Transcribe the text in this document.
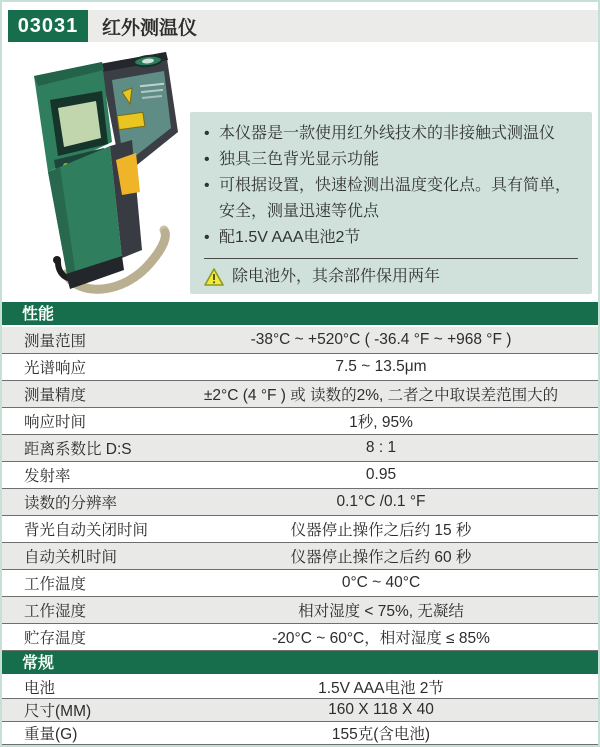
03031	红外测温仪
• 本仪器是一款使用红外线技术的非接触式测温仪
• 独具三色背光显示功能
• 可根据设置，快速检测出温度变化点。具有简单，安全，测量迅速等优点
• 配1.5V AAA电池2节
除电池外，其余部件保用两年
性能
测量范围	-38°C ~ +520°C ( -36.4 °F ~ +968 °F )
光谱响应	7.5 ~ 13.5μm
测量精度	±2°C (4 °F ) 或 读数的2%, 二者之中取误差范围大的
响应时间	1秒, 95%
距离系数比 D:S	8 : 1
发射率	0.95
读数的分辨率	0.1°C /0.1 °F
背光自动关闭时间	仪器停止操作之后约 15 秒
自动关机时间	仪器停止操作之后约 60 秒
工作温度	0°C ~ 40°C
工作湿度	相对湿度 < 75%, 无凝结
贮存温度	-20°C ~ 60°C，相对湿度 ≤ 85%
常规
电池	1.5V AAA电池 2节
尺寸(MM)	160 X 118 X 40
重量(G)	155克(含电池)
